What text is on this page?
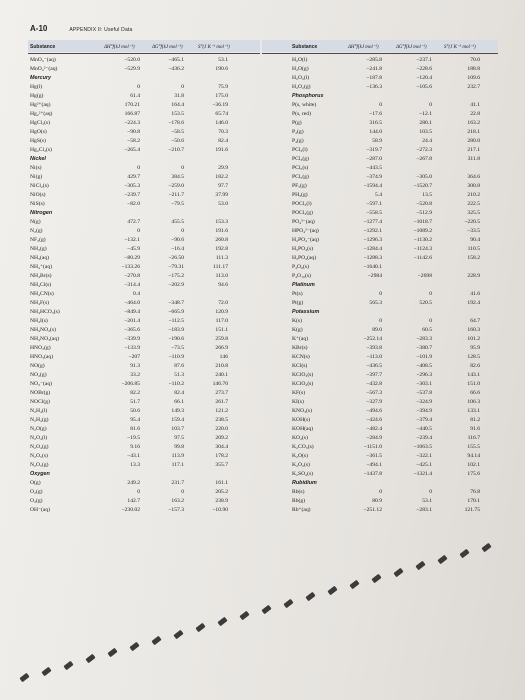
A-10	APPENDIX II: Useful Data
Substance	ΔH°f(kJ mol⁻¹)	ΔG°f(kJ mol⁻¹)	S°(J K⁻¹ mol⁻¹)	Substance	ΔH°f(kJ mol⁻¹)	ΔG°f(kJ mol⁻¹)	S°(J K⁻¹ mol⁻¹)
MnO₄⁻(aq)	−520.0	−465.1	53.1
MnO₄²⁻(aq)	−529.9	−436.2	190.6
Mercury
Hg(l)	0	0	75.9
Hg(g)	61.4	31.8	175.0
Hg²⁺(aq)	170.21	164.4	−36.19
Hg₂²⁺(aq)	166.87	153.5	65.74
HgCl₂(s)	−224.3	−178.6	146.0
HgO(s)	−90.8	−58.5	70.3
HgS(s)	−58.2	−50.6	82.4
Hg₂Cl₂(s)	−265.4	−210.7	191.6
Nickel
Ni(s)	0	0	29.9
Ni(g)	429.7	384.5	182.2
NiCl₂(s)	−305.3	−259.0	97.7
NiO(s)	−239.7	−211.7	37.99
NiS(s)	−82.0	−79.5	53.0
Nitrogen
N(g)	472.7	455.5	153.3
N₂(g)	0	0	191.6
NF₃(g)	−132.1	−90.6	260.8
NH₃(g)	−45.9	−16.4	192.8
NH₃(aq)	−80.29	−26.50	111.3
NH₄⁺(aq)	−133.26	−79.31	111.17
NH₄Br(s)	−270.8	−175.2	113.0
NH₄Cl(s)	−314.4	−202.9	94.6
NH₄CN(s)	0.4
NH₄F(s)	−464.0	−348.7	72.0
NH₄HCO₃(s)	−849.4	−665.9	120.9
NH₄I(s)	−201.4	−112.5	117.0
NH₄NO₃(s)	−365.6	−183.9	151.1
NH₄NO₃(aq)	−339.9	−190.6	259.8
HNO₃(g)	−133.9	−73.5	266.9
HNO₃(aq)	−207	−110.9	146
NO(g)	91.3	87.6	210.8
NO₂(g)	33.2	51.3	240.1
NO₃⁻(aq)	−206.85	−110.2	146.70
NOBr(g)	82.2	82.4	273.7
NOCl(g)	51.7	66.1	261.7
N₂H₄(l)	50.6	149.3	121.2
N₂H₄(g)	95.4	159.4	238.5
N₂O(g)	81.6	103.7	220.0
N₂O₄(l)	−19.5	97.5	209.2
N₂O₄(g)	9.16	99.8	304.4
N₂O₅(s)	−43.1	113.9	178.2
N₂O₅(g)	13.3	117.1	355.7
Oxygen
O(g)	249.2	231.7	161.1
O₂(g)	0	0	205.2
O₃(g)	142.7	163.2	238.9
OH⁻(aq)	−230.02	−157.3	−10.90
H₂O(l)	−285.8	−237.1	70.0
H₂O(g)	−241.8	−228.6	188.8
H₂O₂(l)	−187.8	−120.4	109.6
H₂O₂(g)	−136.3	−105.6	232.7
Phosphorus
P(s, white)	0	0	41.1
P(s, red)	−17.6	−12.1	22.8
P(g)	316.5	280.1	163.2
P₂(g)	144.0	103.5	218.1
P₄(g)	58.9	24.4	280.0
PCl₃(l)	−319.7	−272.3	217.1
PCl₃(g)	−287.0	−267.8	311.8
PCl₅(s)	−443.5
PCl₅(g)	−374.9	−305.0	364.6
PF₅(g)	−1594.4	−1520.7	300.8
PH₃(g)	5.4	13.5	210.2
POCl₃(l)	−597.1	−520.8	222.5
POCl₃(g)	−558.5	−512.9	325.5
PO₄³⁻(aq)	−1277.4	−1018.7	−220.5
HPO₄²⁻(aq)	−1292.1	−1089.2	−33.5
H₂PO₄⁻(aq)	−1296.3	−1130.2	90.4
H₃PO₄(s)	−1284.4	−1124.3	110.5
H₃PO₄(aq)	−1288.3	−1142.6	158.2
P₄O₆(s)	−1640.1
P₄O₁₀(s)	−2984	−2698	228.9
Platinum
Pt(s)	0	0	41.6
Pt(g)	565.3	520.5	192.4
Potassium
K(s)	0	0	64.7
K(g)	89.0	60.5	160.3
K⁺(aq)	−252.14	−283.3	101.2
KBr(s)	−393.8	−380.7	95.9
KCN(s)	−113.0	−101.9	128.5
KCl(s)	−436.5	−408.5	82.6
KClO₃(s)	−397.7	−296.3	143.1
KClO₄(s)	−432.8	−303.1	151.0
KF(s)	−567.3	−537.8	66.6
KI(s)	−327.9	−324.9	106.3
KNO₃(s)	−494.6	−394.9	133.1
KOH(s)	−424.6	−379.4	81.2
KOH(aq)	−482.4	−440.5	91.6
KO₂(s)	−284.9	−239.4	116.7
K₂CO₃(s)	−1151.0	−1063.5	155.5
K₂O(s)	−361.5	−322.1	94.14
K₂O₂(s)	−494.1	−425.1	102.1
K₂SO₄(s)	−1437.8	−1321.4	175.6
Rubidium
Rb(s)	0	0	76.8
Rb(g)	80.9	53.1	170.1
Rb⁺(aq)	−251.12	−283.1	121.75
